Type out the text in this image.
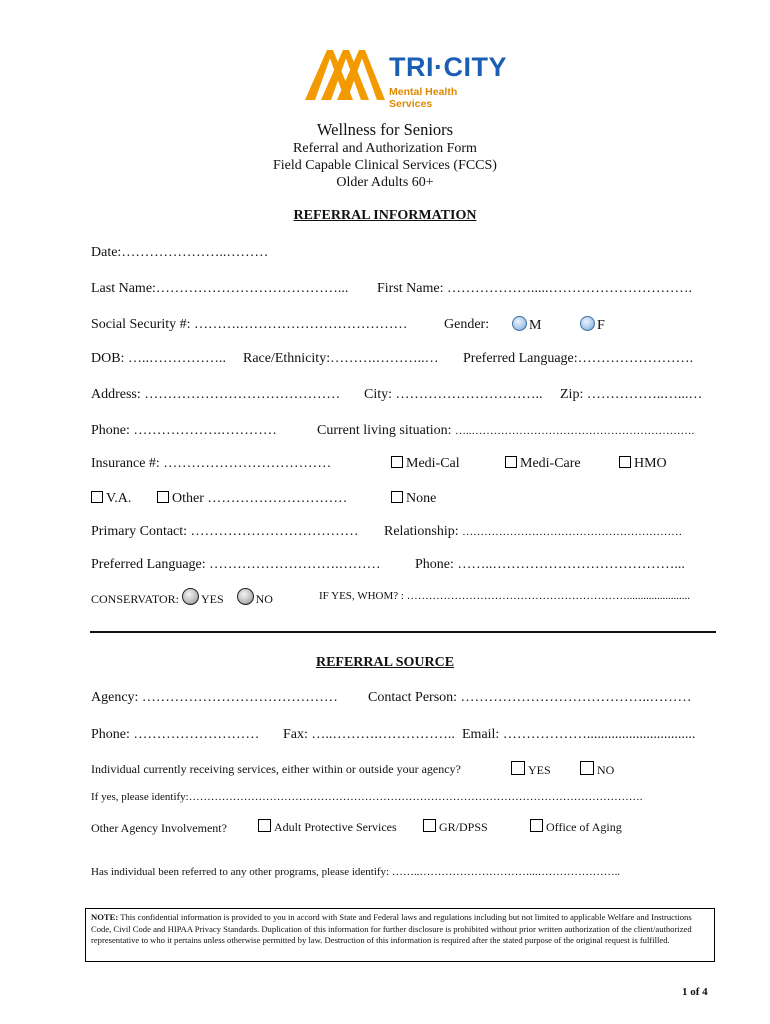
TRI·CITY
Mental Health Services
Wellness for Seniors
Referral and Authorization Form
Field Capable Clinical Services (FCCS)
Older Adults 60+
REFERRAL INFORMATION
Date:…………………..………
Last Name:…………………………………... First Name: ……………….....………………………….
Social Security #: ……….………………………………	Gender:	M	F
DOB: …..…………….. Race/Ethnicity:……….………..… Preferred Language:…………………….
Address: …………………………………… City: ………………………….. Zip: ……………..…...…
Phone: ……………….…………	Current living situation: …..…………………………………………………….
Insurance #: ………………………………	Medi-Cal	Medi-Care	HMO
V.A.	Other …………………………	None
Primary Contact: ……………………………… Relationship: ……………………………………………………
Preferred Language: ……………………….……… Phone: ……..…………………………………...
CONSERVATOR: YES	NO	IF YES, WHOM? : …………………………………………………….......................
REFERRAL SOURCE
Agency: …………………………………… Contact Person: …………………………………..………
Phone: ……………………… Fax: …..……….…………….. Email: ………………...............................
Individual currently receiving services, either within or outside your agency?	YES	NO
If yes, please identify:…………………………………………………………………………………………………………….
Other Agency Involvement?	Adult Protective Services	GR/DPSS	Office of Aging
Has individual been referred to any other programs, please identify: ……..…………………………...…………………..
NOTE: This confidential information is provided to you in accord with State and Federal laws and regulations including but not limited to applicable Welfare and Instructions Code, Civil Code and HIPAA Privacy Standards. Duplication of this information for further disclosure is prohibited without prior written authorization of the client/authorized representative to who it pertains unless otherwise permitted by law. Destruction of this information is required after the stated purpose of the original request is fulfilled.
1 of 4
